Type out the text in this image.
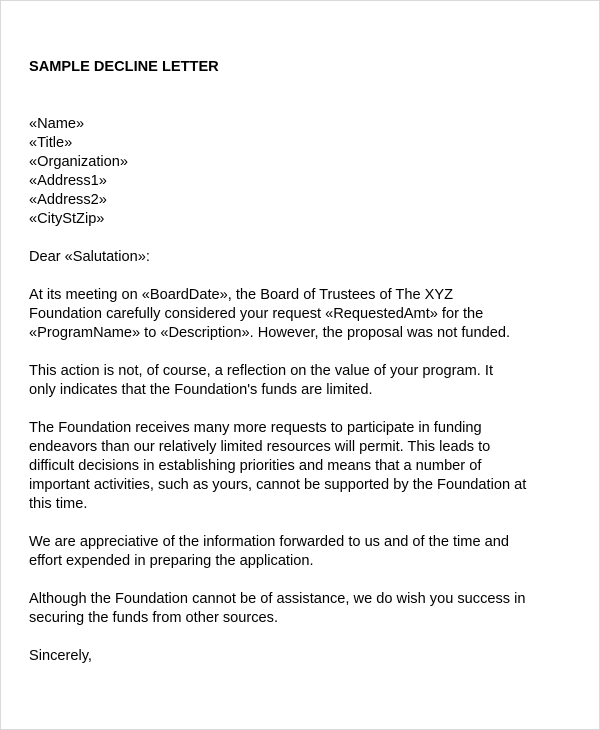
SAMPLE DECLINE LETTER
«Name»
«Title»
«Organization»
«Address1»
«Address2»
«CityStZip»
Dear «Salutation»:
At its meeting on «BoardDate», the Board of Trustees of The XYZ
Foundation carefully considered your request «RequestedAmt» for the
«ProgramName» to «Description». However, the proposal was not funded.
This action is not, of course, a reflection on the value of your program. It
only indicates that the Foundation's funds are limited.
The Foundation receives many more requests to participate in funding
endeavors than our relatively limited resources will permit. This leads to
difficult decisions in establishing priorities and means that a number of
important activities, such as yours, cannot be supported by the Foundation at
this time.
We are appreciative of the information forwarded to us and of the time and
effort expended in preparing the application.
Although the Foundation cannot be of assistance, we do wish you success in
securing the funds from other sources.
Sincerely,
